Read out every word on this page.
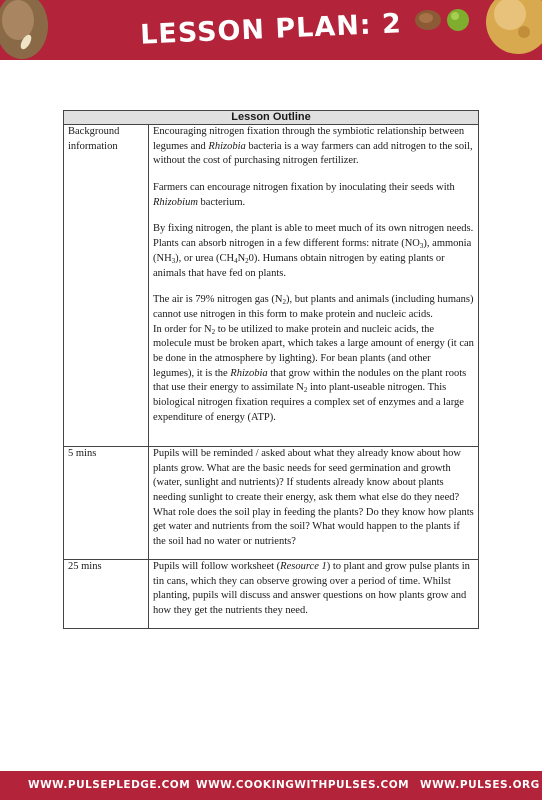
LESSON PLAN: 2
Lesson Outline	
Background information	Encouraging nitrogen fixation through the symbiotic relationship between legumes and Rhizobia bacteria is a way farmers can add nitrogen to the soil, without the cost of purchasing nitrogen fertilizer.

Farmers can encourage nitrogen fixation by inoculating their seeds with Rhizobium bacterium.

By fixing nitrogen, the plant is able to meet much of its own nitrogen needs. Plants can absorb nitrogen in a few different forms: nitrate $(NO_3)$, ammonia $(NH_3)$, or urea $(CH_4N_20)$. Humans obtain nitrogen by eating plants or animals that have fed on plants.

The air is 79% nitrogen gas $(N_2)$, but plants and animals (including humans) cannot use nitrogen in this form to make protein and nucleic acids.

In order for $N_2$ to be utilized to make protein and nucleic acids, the molecule must be broken apart, which takes a large amount of energy (it can be done in the atmosphere by lighting). For bean plants (and other legumes), it is the Rhizobia that grow within the nodules on the plant roots that use their energy to assimilate $N_2$ into plant-useable nitrogen. This biological nitrogen fixation requires a complex set of enzymes and a large expenditure of energy (ATP).

5 mins	Pupils will be reminded / asked about what they already know about how plants grow. What are the basic needs for seed germination and growth (water, sunlight and nutrients)? If students already know about plants needing sunlight to create their energy, ask them what else do they need? What role does the soil play in feeding the plants? Do they know how plants get water and nutrients from the soil? What would happen to the plants if the soil had no water or nutrients?

25 mins	Pupils will follow worksheet (Resource 1) to plant and grow pulse plants in tin cans, which they can observe growing over a period of time. Whilst planting, pupils will discuss and answer questions on how plants grow and how they get the nutrients they need.

WWW.PULSEPLEDGE.COM WWW.COOKINGWITHPULSES.COM WWW.PULSES.ORG
